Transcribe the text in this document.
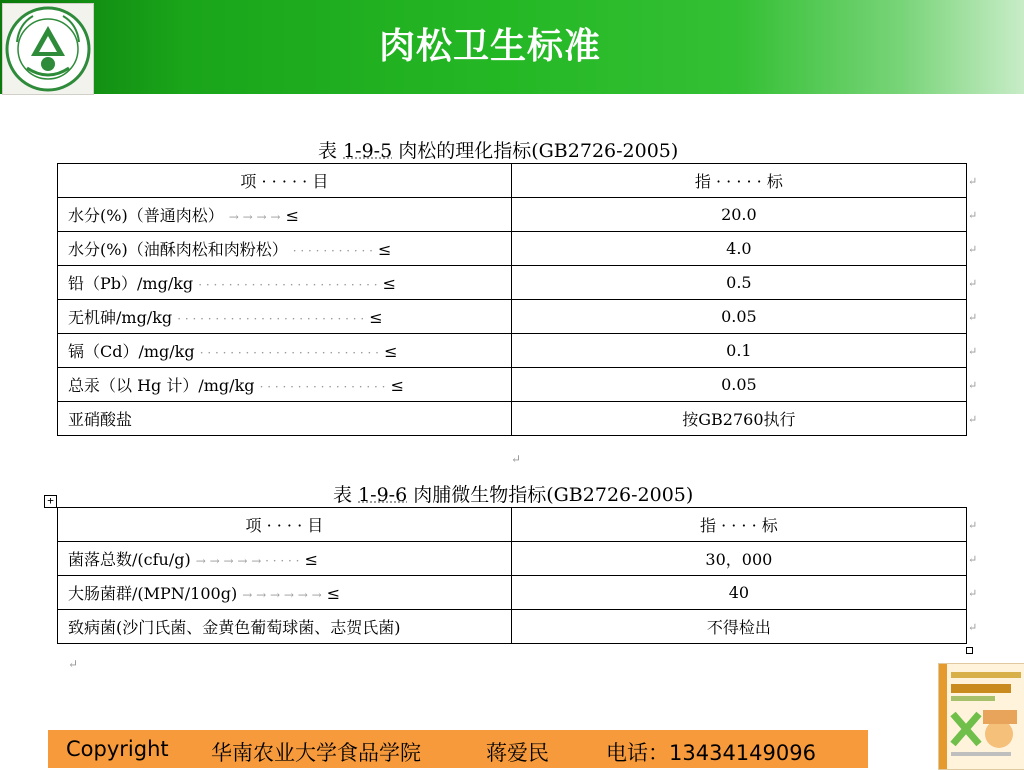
肉松卫生标准
表 1-9-5 肉松的理化指标(GB2726-2005)
项 · · · · · 目	指 · · · · · 标
水分(%)（普通肉松） → → → → ≤	20.0
水分(%)（油酥肉松和肉粉松） · · · · · · · · · · · ≤	4.0
铅（Pb）/mg/kg · · · · · · · · · · · · · · · · · · · · · · · · ≤	0.5
无机砷/mg/kg · · · · · · · · · · · · · · · · · · · · · · · · · ≤	0.05
镉（Cd）/mg/kg · · · · · · · · · · · · · · · · · · · · · · · · ≤	0.1
总汞（以 Hg 计）/mg/kg · · · · · · · · · · · · · · · · · ≤	0.05
亚硝酸盐	按GB2760执行
↵
+	表 1-9-6 肉脯微生物指标(GB2726-2005)
项 · · · · 目	指 · · · · 标
菌落总数/(cfu/g) → → → → → · · · · · ≤	30，000
大肠菌群/(MPN/100g) → → → → → → ≤	40
致病菌(沙门氏菌、金黄色葡萄球菌、志贺氏菌)	不得检出
↵
Copyright 华南农业大学食品学院	蒋爱民	电话：13434149096
↵
↵
↵
↵
↵
↵
↵
↵
↵
↵
↵
↵
